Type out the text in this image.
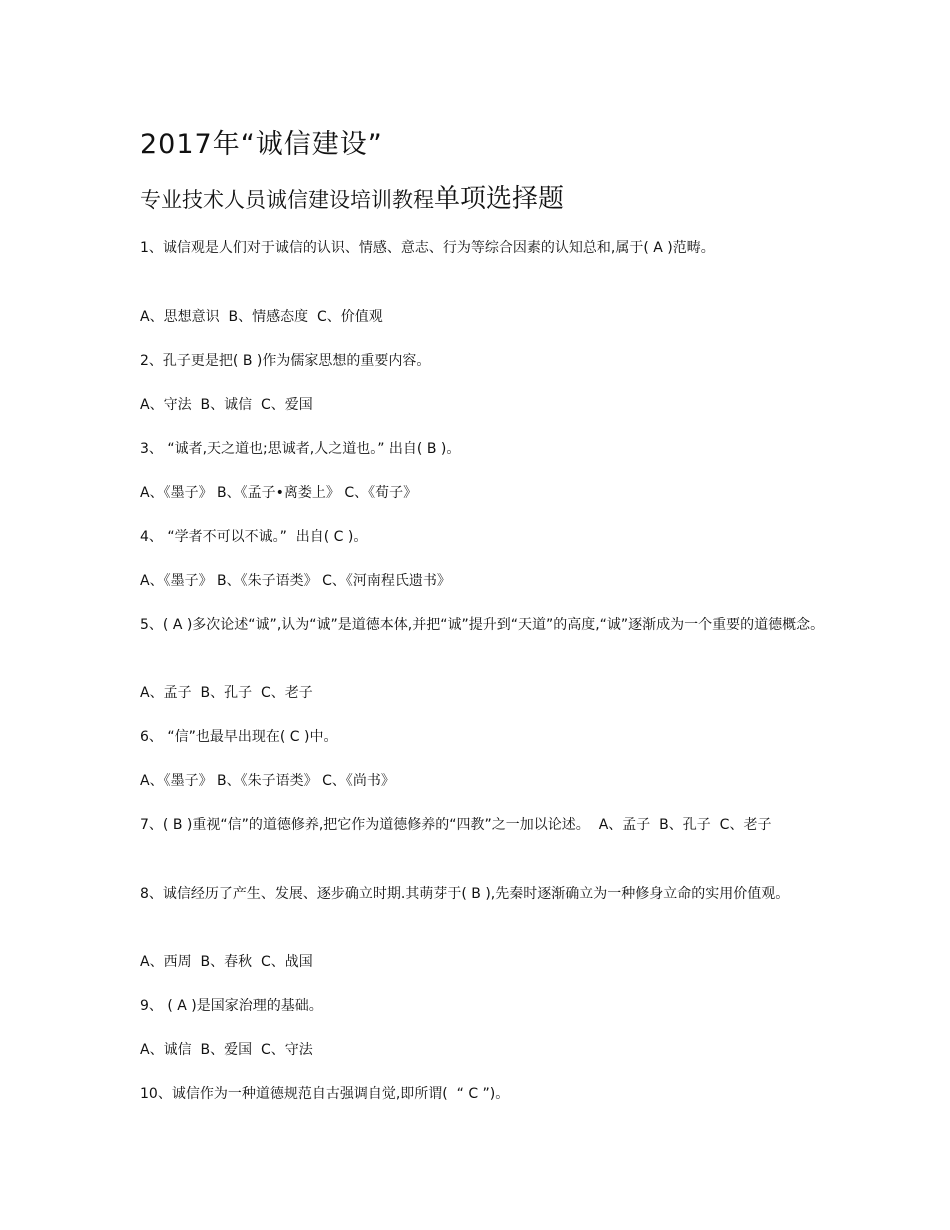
2017年“诚信建设”
专业技术人员诚信建设培训教程单项选择题
1、诚信观是人们对于诚信的认识、情感、意志、行为等综合因素的认知总和,属于( A )范畴。
A、思想意识  B、情感态度  C、价值观
2、孔子更是把( B )作为儒家思想的重要内容。
A、守法  B、诚信  C、爱国
3、 “诚者,天之道也;思诚者,人之道也。” 出自( B )。
A、《墨子》 B、《孟子•离娄上》 C、《荀子》
4、 “学者不可以不诚。”  出自( C )。
A、《墨子》 B、《朱子语类》 C、《河南程氏遗书》
5、( A )多次论述“诚”,认为“诚”是道德本体,并把“诚”提升到“天道”的高度,“诚”逐渐成为一个重要的道德概念。
A、孟子  B、孔子  C、老子
6、 “信”也最早出现在( C )中。
A、《墨子》 B、《朱子语类》 C、《尚书》
7、( B )重视“信”的道德修养,把它作为道德修养的“四教”之一加以论述。  A、孟子  B、孔子  C、老子
8、诚信经历了产生、发展、逐步确立时期.其萌芽于( B ),先秦时逐渐确立为一种修身立命的实用价值观。
A、西周  B、春秋  C、战国
9、 ( A )是国家治理的基础。
A、诚信  B、爱国  C、守法
10、诚信作为一种道德规范自古强调自觉,即所谓(  “ C ”)。
